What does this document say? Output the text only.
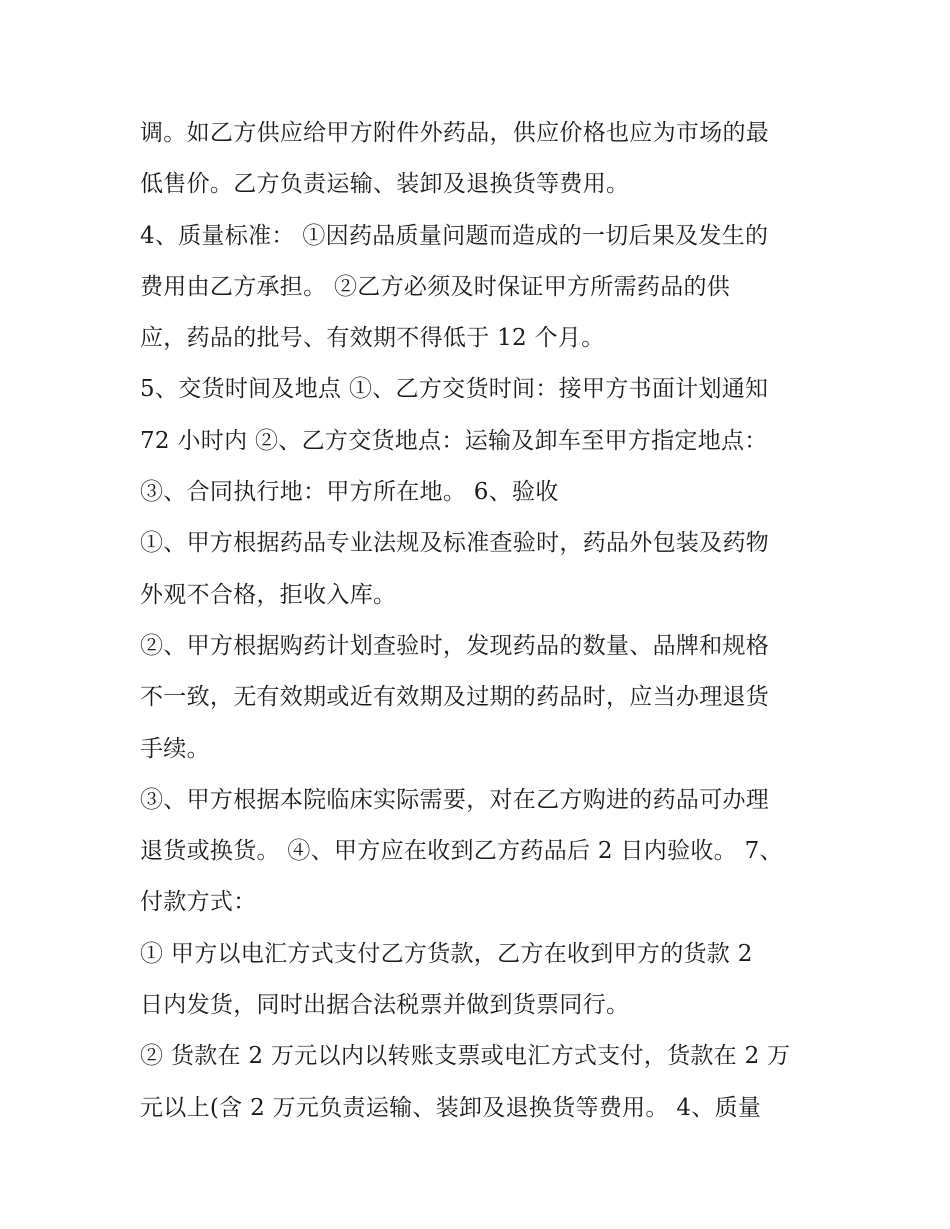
调。如乙方供应给甲方附件外药品，供应价格也应为市场的最
低售价。乙方负责运输、装卸及退换货等费用。
4、质量标准： ①因药品质量问题而造成的一切后果及发生的
费用由乙方承担。 ②乙方必须及时保证甲方所需药品的供
应，药品的批号、有效期不得低于 12 个月。
5、交货时间及地点 ①、乙方交货时间：接甲方书面计划通知
72 小时内 ②、乙方交货地点：运输及卸车至甲方指定地点：
③、合同执行地：甲方所在地。 6、验收
①、甲方根据药品专业法规及标准查验时，药品外包装及药物
外观不合格，拒收入库。
②、甲方根据购药计划查验时，发现药品的数量、品牌和规格
不一致，无有效期或近有效期及过期的药品时，应当办理退货
手续。
③、甲方根据本院临床实际需要，对在乙方购进的药品可办理
退货或换货。 ④、甲方应在收到乙方药品后 2 日内验收。 7、
付款方式：
① 甲方以电汇方式支付乙方货款，乙方在收到甲方的货款 2
日内发货，同时出据合法税票并做到货票同行。
② 货款在 2 万元以内以转账支票或电汇方式支付，货款在 2 万
元以上(含 2 万元负责运输、装卸及退换货等费用。 4、质量
